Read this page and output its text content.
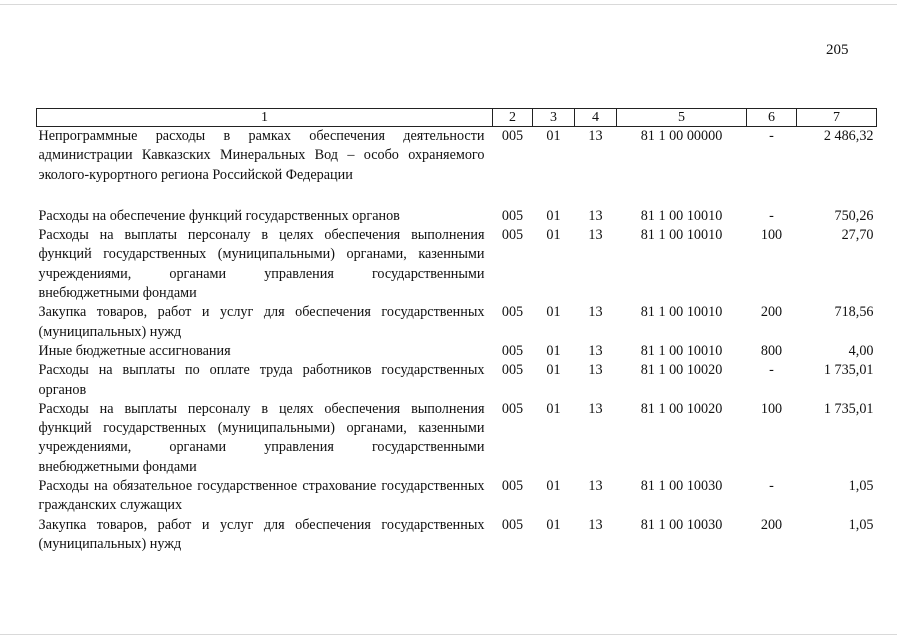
205
1	2	3	4	5	6	7
Непрограммные расходы в рамках обеспечения деятельности администрации Кавказских Минеральных Вод – особо охраняемого эколого-курортного региона Российской Федерации	005	01	13	81 1 00 00000	-	2 486,32

Расходы на обеспечение функций государственных органов	005	01	13	81 1 00 10010	-	750,26
Расходы на выплаты персоналу в целях обеспечения выполнения функций государственных (муниципальными) органами, казенными учреждениями, органами управления государственными внебюджетными фондами	005	01	13	81 1 00 10010	100	27,70
Закупка товаров, работ и услуг для обеспечения государственных (муниципальных) нужд	005	01	13	81 1 00 10010	200	718,56
Иные бюджетные ассигнования	005	01	13	81 1 00 10010	800	4,00
Расходы на выплаты по оплате труда работников государственных органов	005	01	13	81 1 00 10020	-	1 735,01
Расходы на выплаты персоналу в целях обеспечения выполнения функций государственных (муниципальными) органами, казенными учреждениями, органами управления государственными внебюджетными фондами	005	01	13	81 1 00 10020	100	1 735,01
Расходы на обязательное государственное страхование государственных гражданских служащих	005	01	13	81 1 00 10030	-	1,05
Закупка товаров, работ и услуг для обеспечения государственных (муниципальных) нужд	005	01	13	81 1 00 10030	200	1,05
